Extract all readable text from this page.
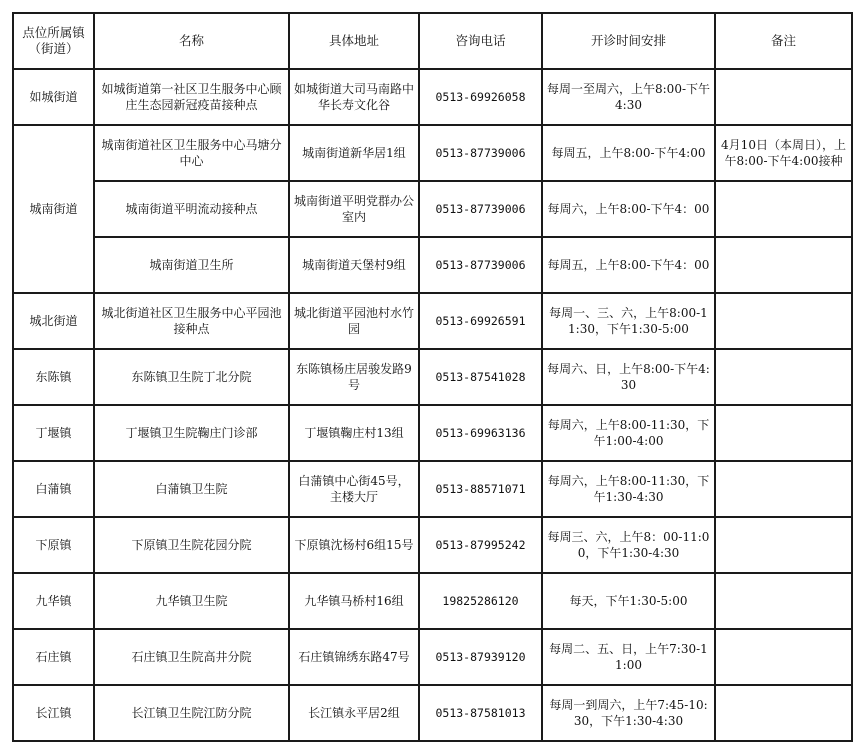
点位所属镇
（街道）	名称	具体地址	咨询电话	开诊时间安排	备注
如城街道	如城街道第一社区卫生服务中心顾庄生态园新冠疫苗接种点	如城街道大司马南路中华长寿文化谷	0513-69926058	每周一至周六，上午8:00-下午4:30	
城南街道	城南街道社区卫生服务中心马塘分中心	城南街道新华居1组	0513-87739006	每周五，上午8:00-下午4:00	4月10日（本周日），上午8:00-下午4:00接种
	城南街道平明流动接种点	城南街道平明党群办公室内	0513-87739006	每周六，上午8:00-下午4：00	
	城南街道卫生所	城南街道天堡村9组	0513-87739006	每周五，上午8:00-下午4：00	
城北街道	城北街道社区卫生服务中心平园池接种点	城北街道平园池村水竹园	0513-69926591	每周一、三、六，上午8:00-11:30，下午1:30-5:00	
东陈镇	东陈镇卫生院丁北分院	东陈镇杨庄居骏发路9号	0513-87541028	每周六、日，上午8:00-下午4:30	
丁堰镇	丁堰镇卫生院鞠庄门诊部	丁堰镇鞠庄村13组	0513-69963136	每周六，上午8:00-11:30，下午1:00-4:00	
白蒲镇	白蒲镇卫生院	白蒲镇中心街45号，主楼大厅	0513-88571071	每周六，上午8:00-11:30，下午1:30-4:30	
下原镇	下原镇卫生院花园分院	下原镇沈杨村6组15号	0513-87995242	每周三、六，上午8：00-11:00，下午1:30-4:30	
九华镇	九华镇卫生院	九华镇马桥村16组	19825286120	每天，下午1:30-5:00	
石庄镇	石庄镇卫生院高井分院	石庄镇锦绣东路47号	0513-87939120	每周二、五、日，上午7:30-11:00	
长江镇	长江镇卫生院江防分院	长江镇永平居2组	0513-87581013	每周一到周六，上午7:45-10:30，下午1:30-4:30	
